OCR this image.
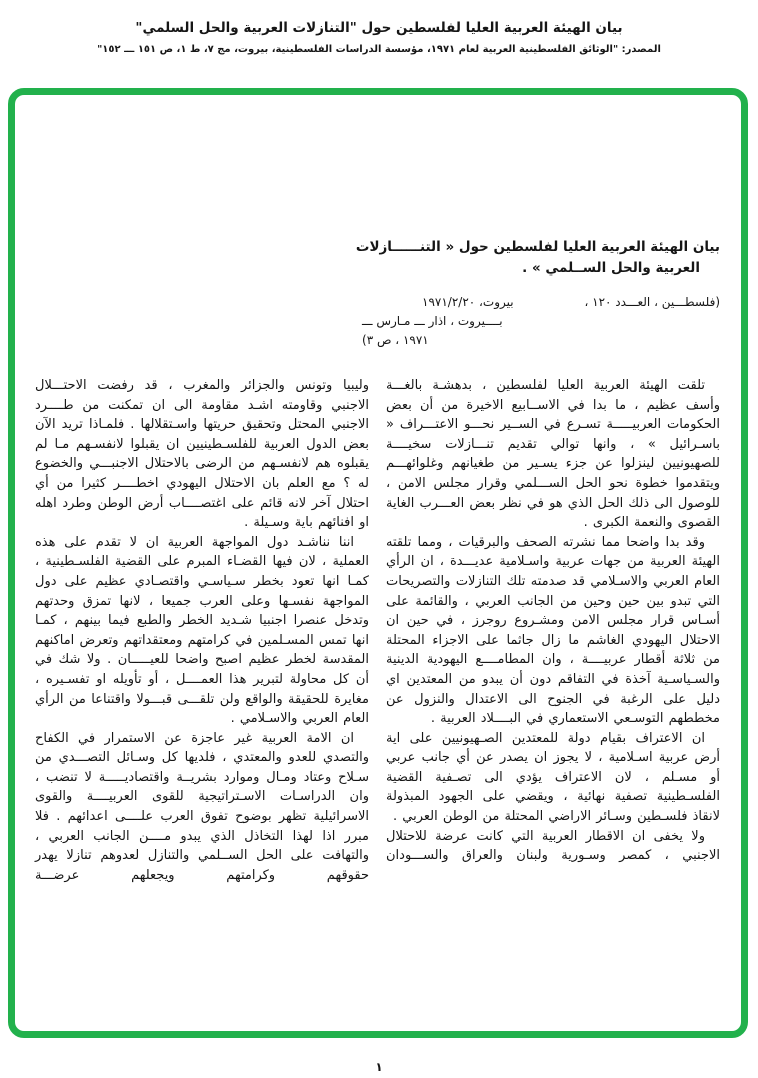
بيان الهيئة العربية العليا لفلسطين حول "التنازلات العربية والحل السلمي"
المصدر: "الوثائق الفلسطينية العربية لعام ١٩٧١، مؤسسة الدراسات الفلسطينية، بيروت، مج ٧، ط ١، ص ١٥١ ـــ ١٥٢"
بيان الهيئة العربية العليا لفلسطين حول « التنــــــازلات
العربية والحل الســلمي » .
(فلسطـــين ، العـــدد ١٢٠ ،
بيروت، ١٩٧١/٢/٢٠
بــــيروت ، اذار ـــ مـارس ـــ
١٩٧١ ، ص ٣)

تلقت الهيئة العربية العليا لفلسطين ، بدهشـة بالغـــة وأسف عظيم ، ما بدا في الاســابيع الاخيرة من أن بعض الحكومات العربيـــــة تسـرع في الســير نحـــو الاعتـــراف « باسـرائيل » ، وانها توالي تقديم تنـــازلات سخيــــة للصهيونيين لينزلوا عن جزء يسـير من طغيانهم وغلوائهـــم ويتقدموا خطوة نحو الحل الســـلمي وقرار مجلس الامن ، للوصول الى ذلك الحل الذي هو في نظر بعض العـــرب الغاية القصوى والنعمة الكبرى .

وقد بدا واضحا مما نشرته الصحف والبرقيات ، ومما تلقته الهيئة العربية من جهات عربية واسـلامية عديـــدة ، ان الرأي العام العربي والاسـلامي قد صدمته تلك التنازلات والتصريحات التي تبدو بين حين وحين من الجانب العربي ، والقائمة على أسـاس قرار مجلس الامن ومشـروع روجرز ، في حين ان الاحتلال اليهودي الغاشم ما زال جاثما على الاجزاء المحتلة من ثلاثة أقطار عربيــــة ، وان المطامــــع اليهودية الدينية والسـياسـية آخذة في التفاقم دون أن يبدو من المعتدين اي دليل على الرغبة في الجنوح الى الاعتدال والنزول عن مخططهم التوسـعي الاستعماري في البــــلاد العربية .

ان الاعتراف بقيام دولة للمعتدين الصـهيونيين على اية أرض عربية اسـلامية ، لا يجوز ان يصدر عن أي جانب عربي أو مسـلم ، لان الاعتراف يؤدي الى تصـفية القضية الفلسـطينية تصفية نهائية ، ويقضي على الجهود المبذولة لانقاذ فلسـطين وسـائر الاراضي المحتلة من الوطن العربي .

ولا يخفى ان الاقطار العربية التي كانت عرضة للاحتلال الاجنبي ، كمصر وسـورية ولبنان والعراق والســـودان

وليبيا وتونس والجزائر والمغرب ، قد رفضت الاحتـــلال الاجنبي وقاومته اشـد مقاومة الى ان تمكنت من طــــرد الاجنبي المحتل وتحقيق حريتها واسـتقلالها . فلمـاذا تريد الآن بعض الدول العربية للفلسـطينيين ان يقبلوا لانفسـهم مـا لم يقبلوه هم لانفسـهم من الرضى بالاحتلال الاجنبـــي والخضوع له ؟ مع العلم بان الاحتلال اليهودي اخطــــر كثيرا من أي احتلال آخر لانه قائم على اغتصــــاب أرض الوطن وطرد اهله او افنائهم باية وسـيلة .

اننا نناشـد دول المواجهة العربية ان لا تقدم على هذه العملية ، لان فيها القضـاء المبرم على القضية الفلسـطينية ، كمـا انها تعود بخطر سـياسـي واقتصـادي عظيم على دول المواجهة نفسـها وعلى العرب جميعا ، لانها تمزق وحدتهم وتدخل عنصرا اجنبيا شـديد الخطر والطبع فيما بينهم ، كمـا انها تمس المسـلمين في كرامتهم ومعتقداتهم وتعرض اماكنهم المقدسة لخطر عظيم اصبح واضحا للعيـــــان . ولا شك في أن كل محاولة لتبرير هذا العمــــل ، أو تأويله او تفسـيره ، مغايرة للحقيقة والواقع ولن تلقـــى قبـــولا واقتناعا من الرأي العام العربي والاسـلامي .

ان الامة العربية غير عاجزة عن الاستمرار في الكفاح والتصدي للعدو والمعتدي ، فلديها كل وسـائل التصـــدي من سـلاح وعتاد ومـال وموارد بشريــة واقتصاديـــــة لا تنضب ، وان الدراسـات الاسـتراتيجية للقوى العربيــــة والقوى الاسرائيلية تظهر بوضوح تفوق العرب علــــى اعدائهم . فلا مبرر اذا لهذا التخاذل الذي يبدو مــــن الجانب العربي ، والتهافت على الحل الســلمي والتنازل لعدوهم تنازلا يهدر حقوقهم وكرامتهم ويجعلهم عرضـــة

١
